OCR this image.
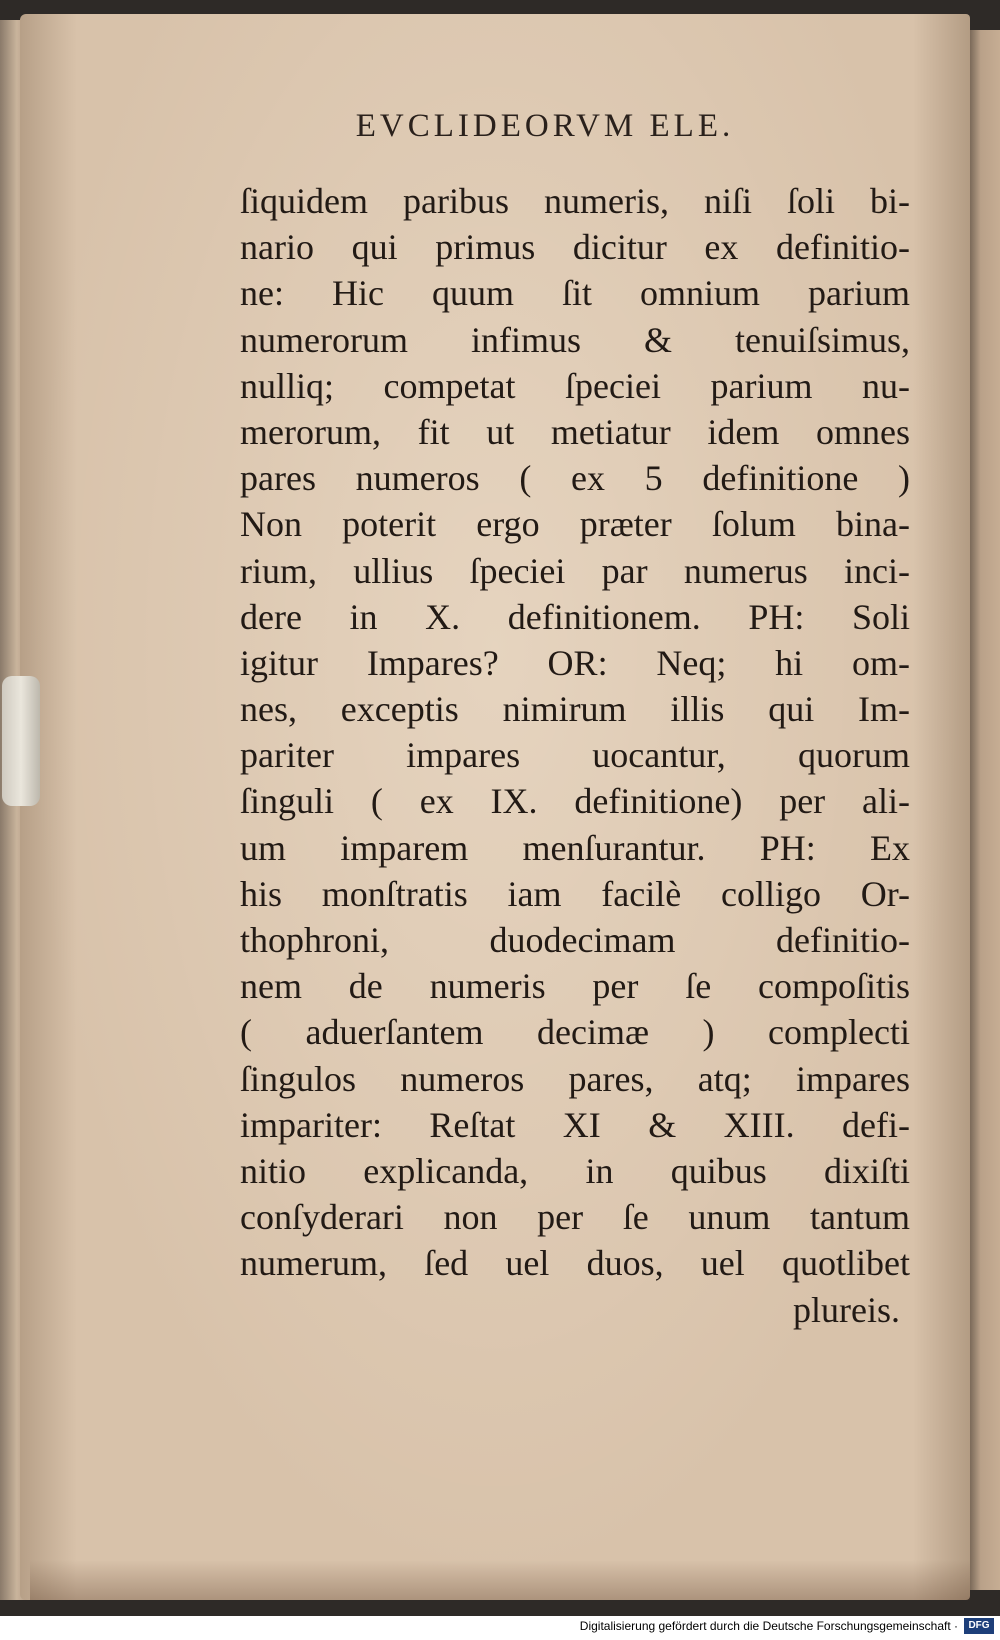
EVCLIDEORVM ELE.
ſiquidem paribus numeris, niſi ſoli bi-
nario qui primus dicitur ex definitio-
ne: Hic quum ſit omnium parium
numerorum infimus & tenuiſsimus,
nulliq; competat ſpeciei parium nu-
merorum, fit ut metiatur idem omnes
pares numeros ( ex 5 definitione )
Non poterit ergo præter ſolum bina-
rium, ullius ſpeciei par numerus inci-
dere in X. definitionem. PH: Soli
igitur Impares? OR: Neq; hi om-
nes, exceptis nimirum illis qui Im-
pariter impares uocantur, quorum
ſinguli ( ex IX. definitione) per ali-
um imparem menſurantur. PH: Ex
his monſtratis iam facilè colligo Or-
thophroni, duodecimam definitio-
nem de numeris per ſe compoſitis
( aduerſantem decimæ ) complecti
ſingulos numeros pares, atq; impares
impariter: Reſtat XI & XIII. defi-
nitio explicanda, in quibus dixiſti
conſyderari non per ſe unum tantum
numerum, ſed uel duos, uel quotlibet
plureis.
Digitalisierung gefördert durch die Deutsche Forschungsgemeinschaft ·	DFG
